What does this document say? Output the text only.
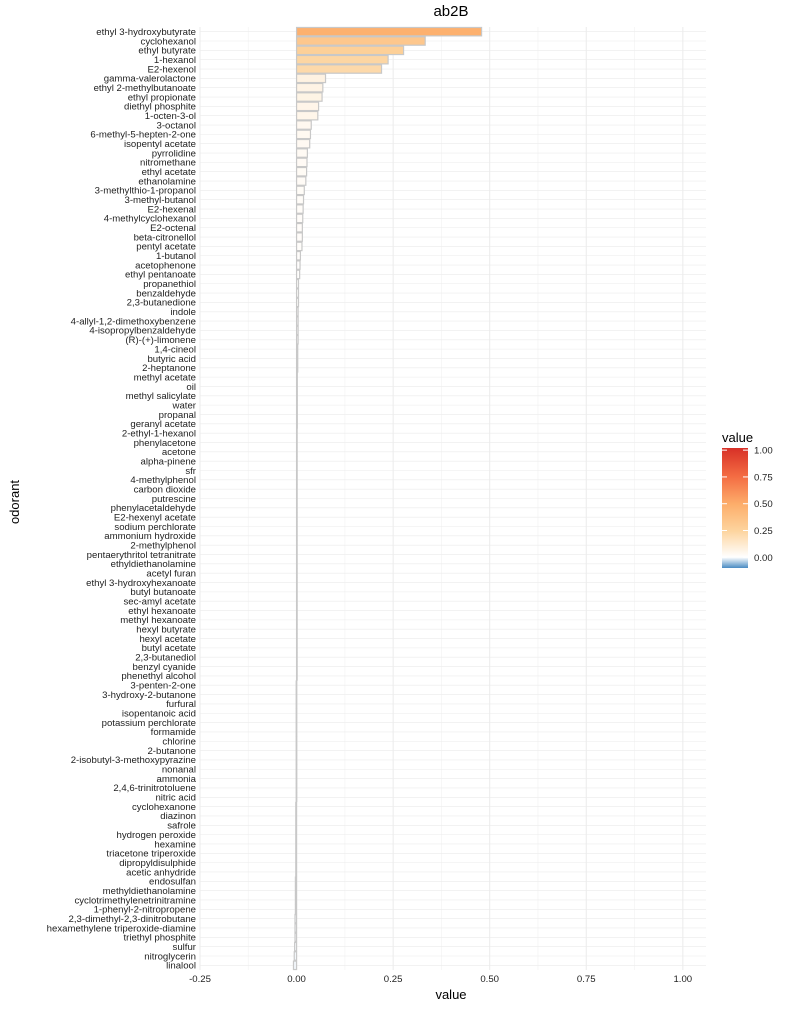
ethyl 3-hydroxybutyrate
cyclohexanol
ethyl butyrate
1-hexanol
E2-hexenol
gamma-valerolactone
ethyl 2-methylbutanoate
ethyl propionate
diethyl phosphite
1-octen-3-ol
3-octanol
6-methyl-5-hepten-2-one
isopentyl acetate
pyrrolidine
nitromethane
ethyl acetate
ethanolamine
3-methylthio-1-propanol
3-methyl-butanol
E2-hexenal
4-methylcyclohexanol
E2-octenal
beta-citronellol
pentyl acetate
1-butanol
acetophenone
ethyl pentanoate
propanethiol
benzaldehyde
2,3-butanedione
indole
4-allyl-1,2-dimethoxybenzene
4-isopropylbenzaldehyde
(R)-(+)-limonene
1,4-cineol
butyric acid
2-heptanone
methyl acetate
oil
methyl salicylate
water
propanal
geranyl acetate
2-ethyl-1-hexanol
phenylacetone
acetone
alpha-pinene
sfr
4-methylphenol
carbon dioxide
putrescine
phenylacetaldehyde
E2-hexenyl acetate
sodium perchlorate
ammonium hydroxide
2-methylphenol
pentaerythritol tetranitrate
ethyldiethanolamine
acetyl furan
ethyl 3-hydroxyhexanoate
butyl butanoate
sec-amyl acetate
ethyl hexanoate
methyl hexanoate
hexyl butyrate
hexyl acetate
butyl acetate
2,3-butanediol
benzyl cyanide
phenethyl alcohol
3-penten-2-one
3-hydroxy-2-butanone
furfural
isopentanoic acid
potassium perchlorate
formamide
chlorine
2-butanone
2-isobutyl-3-methoxypyrazine
nonanal
ammonia
2,4,6-trinitrotoluene
nitric acid
cyclohexanone
diazinon
safrole
hydrogen peroxide
hexamine
triacetone triperoxide
dipropyldisulphide
acetic anhydride
endosulfan
methyldiethanolamine
cyclotrimethylenetrinitramine
1-phenyl-2-nitropropene
2,3-dimethyl-2,3-dinitrobutane
hexamethylene triperoxide-diamine
triethyl phosphite
sulfur
nitroglycerin
linalool
-0.25	0.00	0.25	0.50	0.75	1.00
ab2B
value
odorant
value
0.00
0.25
0.50
0.75
1.00
